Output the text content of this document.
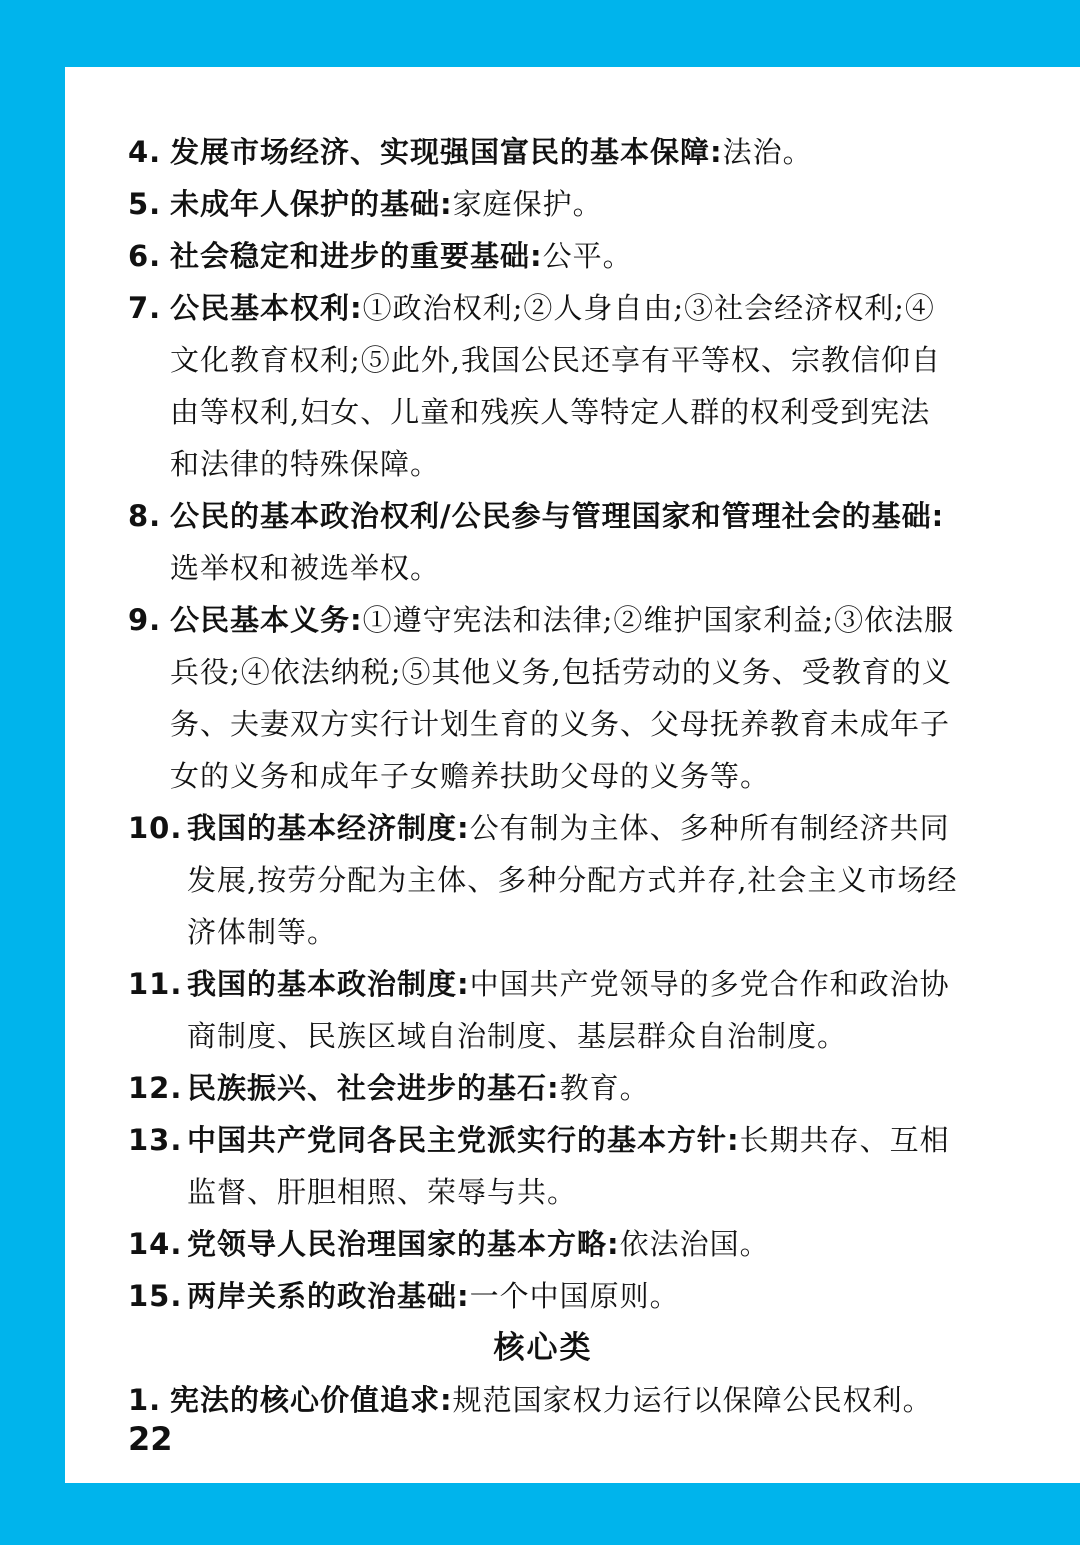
4. 发展市场经济、实现强国富民的基本保障:法治。
5. 未成年人保护的基础:家庭保护。
6. 社会稳定和进步的重要基础:公平。
7. 公民基本权利:①政治权利;②人身自由;③社会经济权利;④文化教育权利;⑤此外,我国公民还享有平等权、宗教信仰自由等权利,妇女、儿童和残疾人等特定人群的权利受到宪法和法律的特殊保障。
8. 公民的基本政治权利/公民参与管理国家和管理社会的基础:选举权和被选举权。
9. 公民基本义务:①遵守宪法和法律;②维护国家利益;③依法服兵役;④依法纳税;⑤其他义务,包括劳动的义务、受教育的义务、夫妻双方实行计划生育的义务、父母抚养教育未成年子女的义务和成年子女赡养扶助父母的义务等。
10. 我国的基本经济制度:公有制为主体、多种所有制经济共同发展,按劳分配为主体、多种分配方式并存,社会主义市场经济体制等。
11. 我国的基本政治制度:中国共产党领导的多党合作和政治协商制度、民族区域自治制度、基层群众自治制度。
12. 民族振兴、社会进步的基石:教育。
13. 中国共产党同各民主党派实行的基本方针:长期共存、互相监督、肝胆相照、荣辱与共。
14. 党领导人民治理国家的基本方略:依法治国。
15. 两岸关系的政治基础:一个中国原则。
核心类
1. 宪法的核心价值追求:规范国家权力运行以保障公民权利。
22
